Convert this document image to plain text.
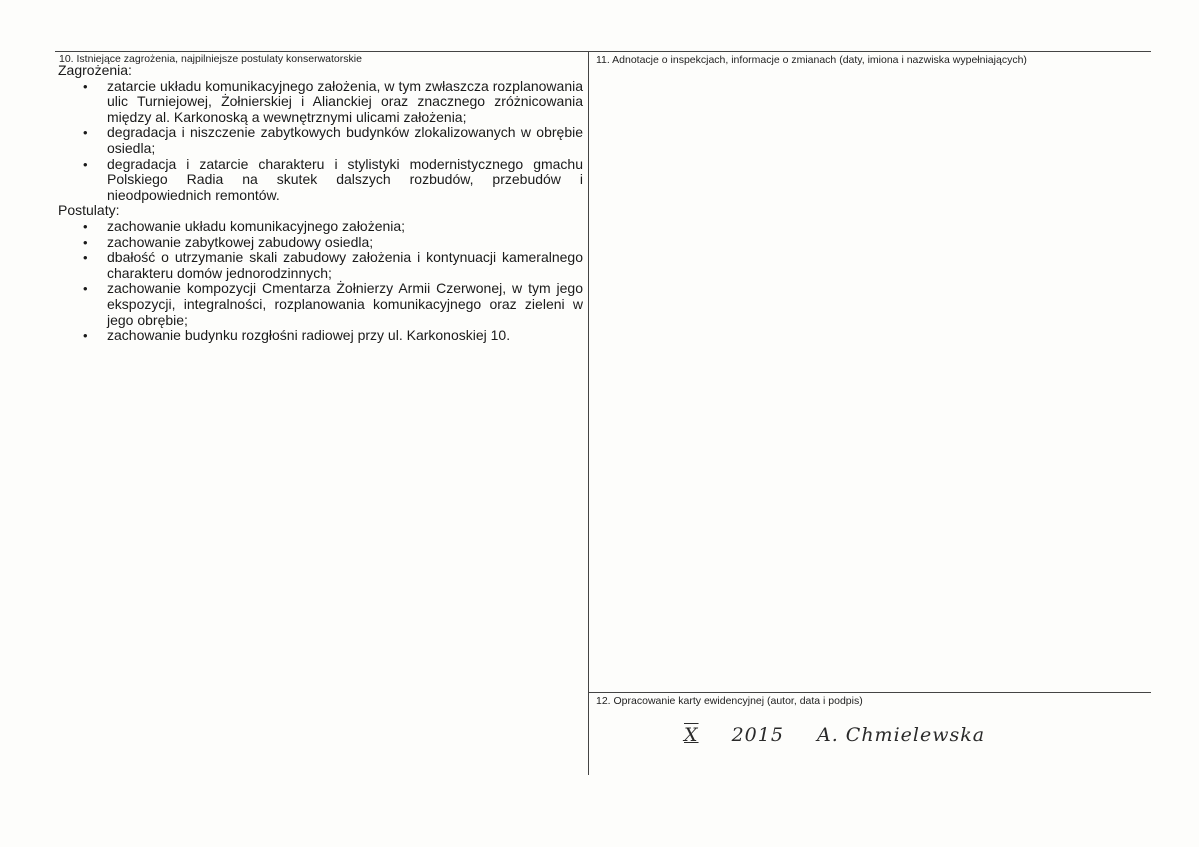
10. Istniejące zagrożenia, najpilniejsze postulaty konserwatorskie	11. Adnotacje o inspekcjach, informacje o zmianach (daty, imiona i nazwiska wypełniających)
12. Opracowanie karty ewidencyjnej (autor, data i podpis)

Zagrożenia:

• zatarcie układu komunikacyjnego założenia, w tym zwłaszcza rozplanowania ulic Turniejowej, Żołnierskiej i Alianckiej oraz znacznego zróżnicowania między al. Karkonoską a wewnętrznymi ulicami założenia;
• degradacja i niszczenie zabytkowych budynków zlokalizowanych w obrębie osiedla;
• degradacja i zatarcie charakteru i stylistyki modernistycznego gmachu Polskiego Radia na skutek dalszych rozbudów, przebudów i nieodpowiednich remontów.

Postulaty:

• zachowanie układu komunikacyjnego założenia;
• zachowanie zabytkowej zabudowy osiedla;
• dbałość o utrzymanie skali zabudowy założenia i kontynuacji kameralnego charakteru domów jednorodzinnych;
• zachowanie kompozycji Cmentarza Żołnierzy Armii Czerwonej, w tym jego ekspozycji, integralności, rozplanowania komunikacyjnego oraz zieleni w jego obrębie;
• zachowanie budynku rozgłośni radiowej przy ul. Karkonoskiej 10.
X 2015 A. Chmielewska
